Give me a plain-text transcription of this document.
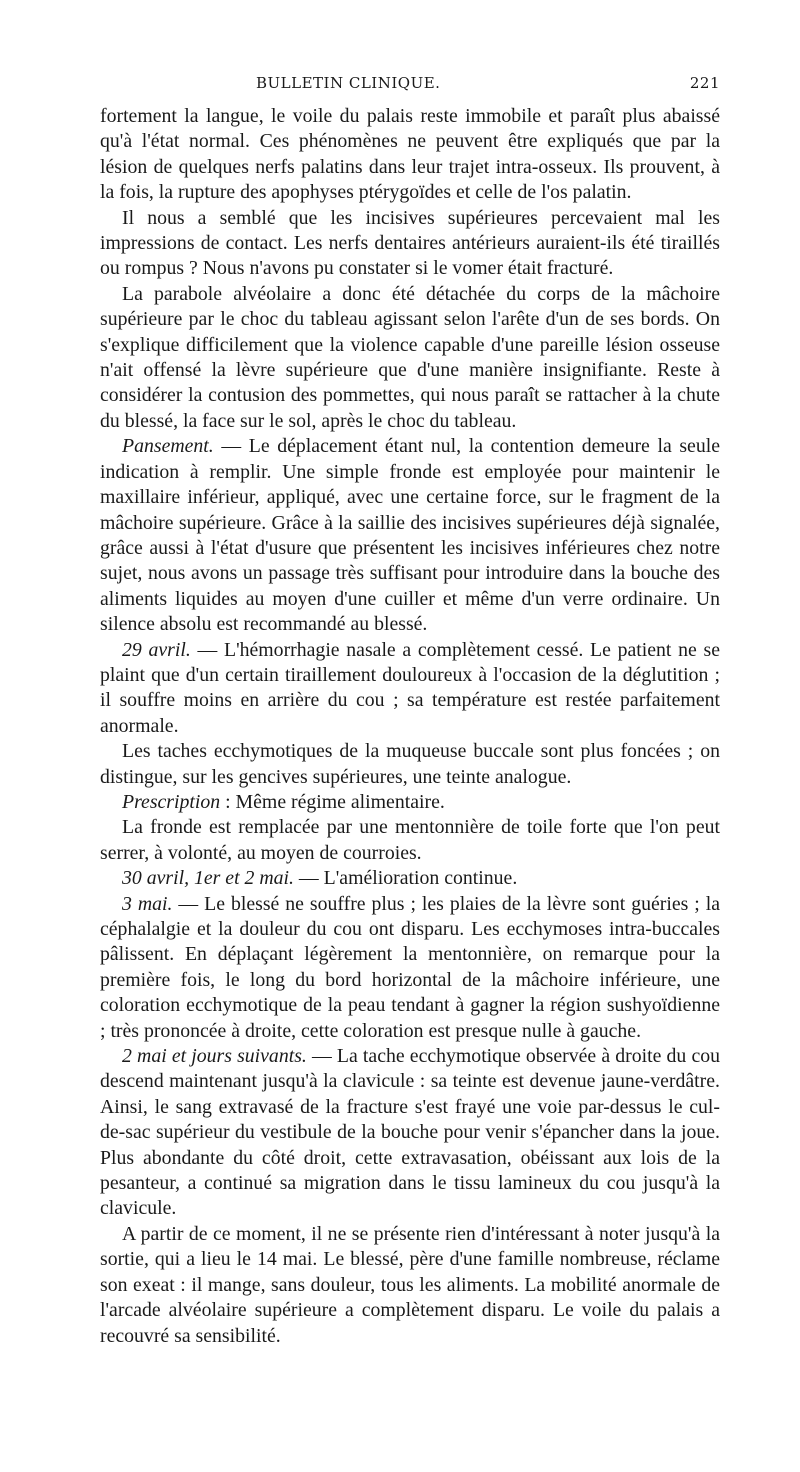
BULLETIN CLINIQUE.	221

fortement la langue, le voile du palais reste immobile et paraît plus abaissé qu'à l'état normal. Ces phénomènes ne peuvent être expliqués que par la lésion de quelques nerfs palatins dans leur trajet intra-osseux. Ils prouvent, à la fois, la rupture des apophyses ptérygoïdes et celle de l'os palatin.

Il nous a semblé que les incisives supérieures percevaient mal les impressions de contact. Les nerfs dentaires antérieurs auraient-ils été tiraillés ou rompus ? Nous n'avons pu constater si le vomer était fracturé.

La parabole alvéolaire a donc été détachée du corps de la mâchoire supérieure par le choc du tableau agissant selon l'arête d'un de ses bords. On s'explique difficilement que la violence capable d'une pareille lésion osseuse n'ait offensé la lèvre supérieure que d'une manière insignifiante. Reste à considérer la contusion des pommettes, qui nous paraît se rattacher à la chute du blessé, la face sur le sol, après le choc du tableau.

Pansement. — Le déplacement étant nul, la contention demeure la seule indication à remplir. Une simple fronde est employée pour maintenir le maxillaire inférieur, appliqué, avec une certaine force, sur le fragment de la mâchoire supérieure. Grâce à la saillie des incisives supérieures déjà signalée, grâce aussi à l'état d'usure que présentent les incisives inférieures chez notre sujet, nous avons un passage très suffisant pour introduire dans la bouche des aliments liquides au moyen d'une cuiller et même d'un verre ordinaire. Un silence absolu est recommandé au blessé.

29 avril. — L'hémorrhagie nasale a complètement cessé. Le patient ne se plaint que d'un certain tiraillement douloureux à l'occasion de la déglutition ; il souffre moins en arrière du cou ; sa température est restée parfaitement anormale.

Les taches ecchymotiques de la muqueuse buccale sont plus foncées ; on distingue, sur les gencives supérieures, une teinte analogue.

Prescription : Même régime alimentaire.

La fronde est remplacée par une mentonnière de toile forte que l'on peut serrer, à volonté, au moyen de courroies.

30 avril, 1er et 2 mai. — L'amélioration continue.

3 mai. — Le blessé ne souffre plus ; les plaies de la lèvre sont guéries ; la céphalalgie et la douleur du cou ont disparu. Les ecchymoses intra-buccales pâlissent. En déplaçant légèrement la mentonnière, on remarque pour la première fois, le long du bord horizontal de la mâchoire inférieure, une coloration ecchymotique de la peau tendant à gagner la région sushyoïdienne ; très prononcée à droite, cette coloration est presque nulle à gauche.

2 mai et jours suivants. — La tache ecchymotique observée à droite du cou descend maintenant jusqu'à la clavicule : sa teinte est devenue jaune-verdâtre. Ainsi, le sang extravasé de la fracture s'est frayé une voie par-dessus le cul-de-sac supérieur du vestibule de la bouche pour venir s'épancher dans la joue. Plus abondante du côté droit, cette extravasation, obéissant aux lois de la pesanteur, a continué sa migration dans le tissu lamineux du cou jusqu'à la clavicule.

A partir de ce moment, il ne se présente rien d'intéressant à noter jusqu'à la sortie, qui a lieu le 14 mai. Le blessé, père d'une famille nombreuse, réclame son exeat : il mange, sans douleur, tous les aliments. La mobilité anormale de l'arcade alvéolaire supérieure a complètement disparu. Le voile du palais a recouvré sa sensibilité.
